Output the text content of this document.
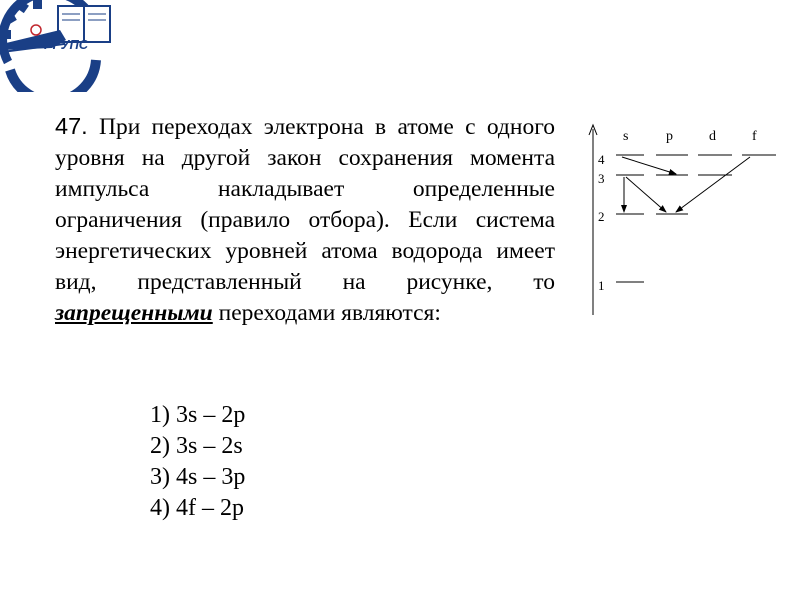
РГУПС
РОСТОВ-НА-ДОНУ
47. При переходах электрона в атоме с одного уровня на другой закон сохранения момента импульса накладывает определенные ограничения (правило отбора). Если система энергетических уровней атома водорода имеет вид, представленный на рисунке, то запрещенными переходами являются:
1) 3s – 2p
2) 3s – 2s
3) 4s – 3p
4) 4f – 2p
s	p	d	f
4
3
2
1
